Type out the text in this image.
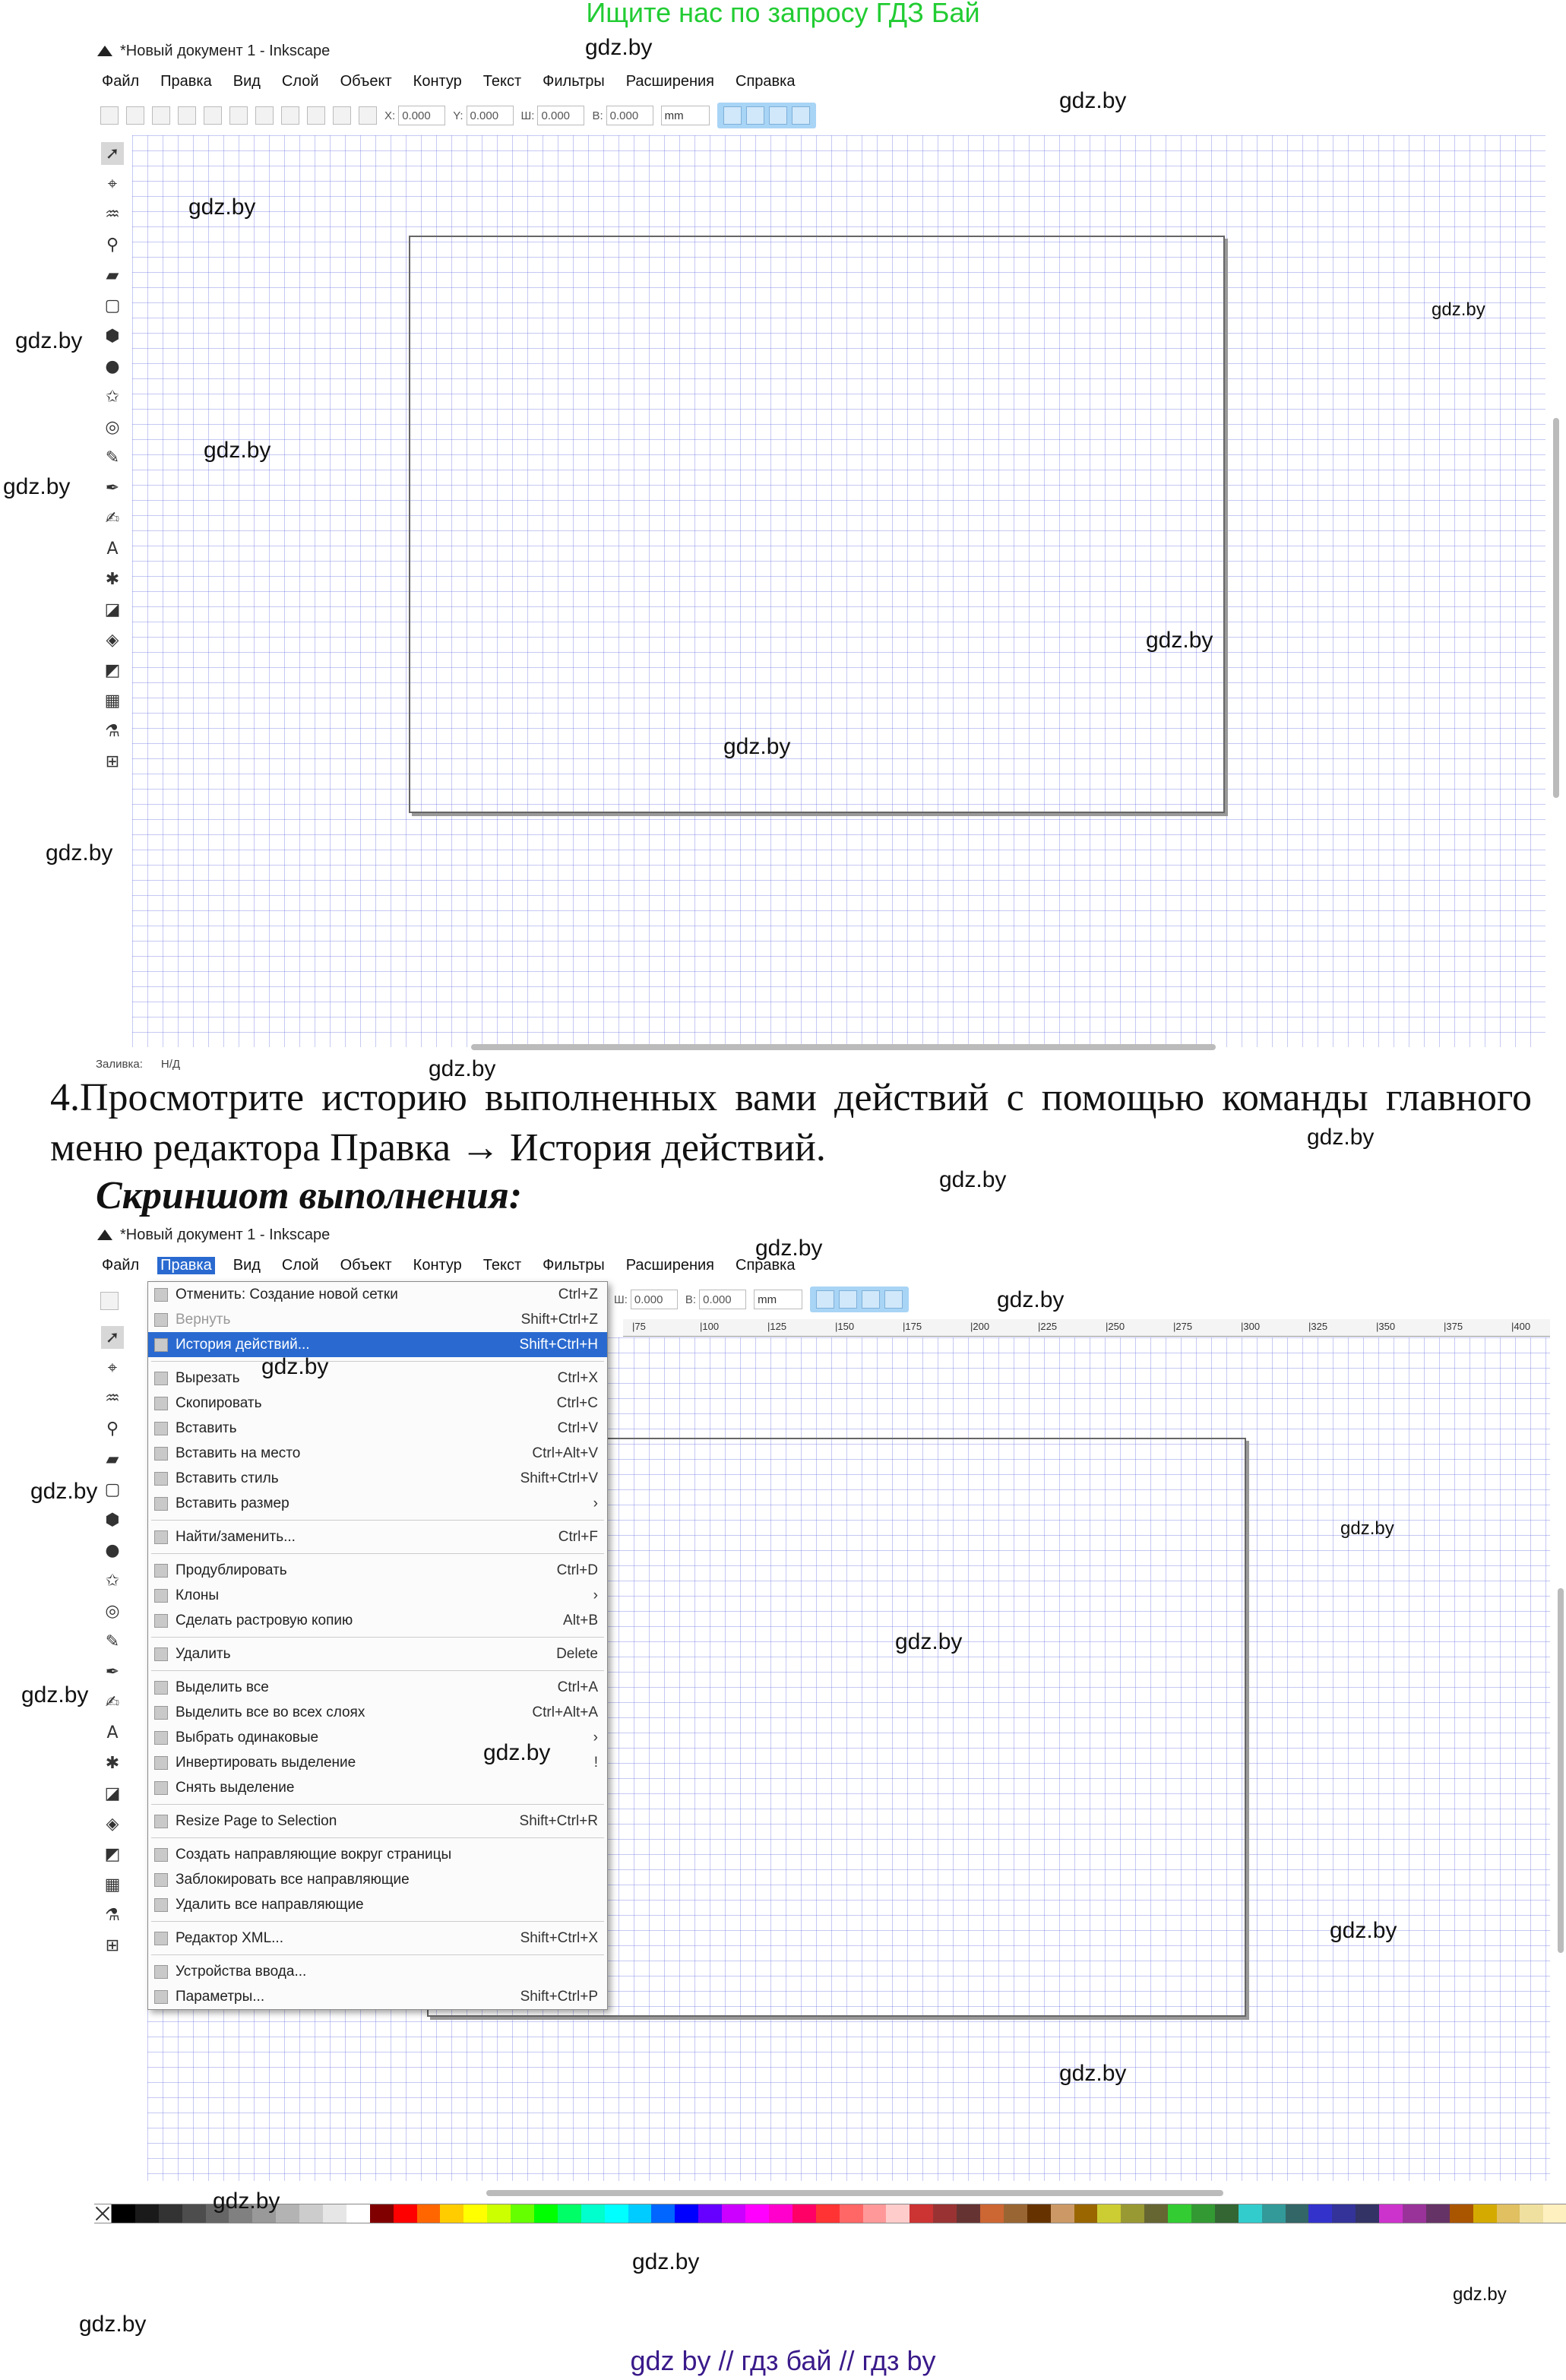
Ищите нас по запросу ГДЗ Бай
*Новый документ 1 - Inkscape
Файл Правка Вид Слой Объект Контур Текст Фильтры Расширения Справка
X: 0.000	Y: 0.000	Ш: 0.000	В: 0.000	mm
➚
⌖
♒
⚲
▰
▢
⬢
●
✩
◎
✎
✒
✍
A
✱
◪
◈
◩
▦
⚗
⊞
Заливка: Н/Д
4.Просмотрите историю выполненных вами действий с помощью команды главного меню редактора Правка → История действий.
Скриншот выполнения:
*Новый документ 1 - Inkscape
Файл Правка Вид Слой Объект Контур Текст Фильтры Расширения Справка
Ш: 0.000	В: 0.000	mm
|75	|100	|125	|150	|175	|200	|225	|250	|275	|300	|325	|350	|375	|400
➚
⌖
♒
⚲
▰
▢
⬢
●
✩
◎
✎
✒
✍
A
✱
◪
◈
◩
▦
⚗
⊞
Отменить: Создание новой сетки	Ctrl+Z
Вернуть	Shift+Ctrl+Z
История действий...	Shift+Ctrl+H
Вырезать	Ctrl+X
Скопировать	Ctrl+C
Вставить	Ctrl+V
Вставить на место	Ctrl+Alt+V
Вставить стиль	Shift+Ctrl+V
Вставить размер	›
Найти/заменить...	Ctrl+F
Продублировать	Ctrl+D
Клоны	›
Сделать растровую копию	Alt+B
Удалить	Delete
Выделить все	Ctrl+A
Выделить все во всех слоях	Ctrl+Alt+A
Выбрать одинаковые	›
Инвертировать выделение	!
Снять выделение
Resize Page to Selection	Shift+Ctrl+R
Создать направляющие вокруг страницы
Заблокировать все направляющие
Удалить все направляющие
Редактор XML...	Shift+Ctrl+X
Устройства ввода...
Параметры...	Shift+Ctrl+P
gdz by // гдз бай // гдз by
gdz.by
gdz.by
gdz.by
gdz.by
gdz.by
gdz.by
gdz.by
gdz.by
gdz.by
gdz.by
gdz.by
gdz.by
gdz.by
gdz.by
gdz.by
gdz.by
gdz.by
gdz.by
gdz.by
gdz.by
gdz.by
gdz.by
gdz.by
gdz.by
gdz.by
gdz.by
gdz.by
